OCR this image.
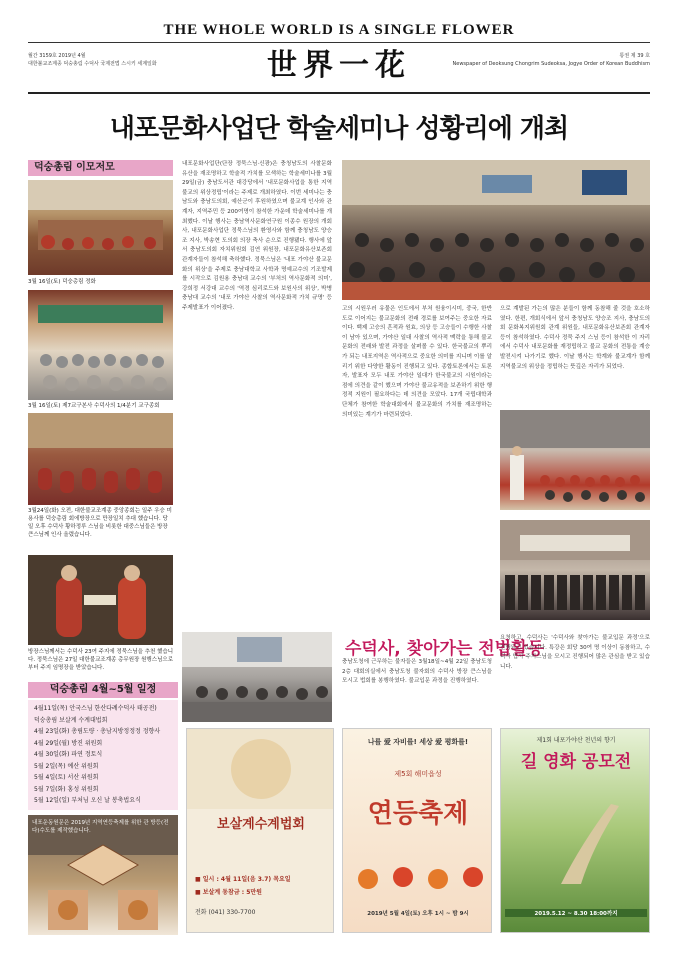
THE WHOLE WORLD IS A SINGLE FLOWER
월간 3159호 2019년 4월
대한불교조계종 덕숭총림 수덕사 국제전법 스시키 세계일화	世界一花	통권 제 39 호
Newspaper of Deoksung Chongrim Sudeoksa, Jogye Order of Korean Buddhism
내포문화사업단 학술세미나 성황리에 개최
덕숭총림 이모저모
3월 16일(토) 덕숭총림 정화
3월 16일(토) 제7교구본사 수덕사의 1/4분기 교구종회
3월24일(화) 오전, 대한불교조계종 중앙종회는 일주 우승 미용사를 덕숭총림 회에방장으로 만장일치 추대 했습니다. 당일 오후 수덕사 황하정루 스님을 비롯한 대중스님들은 방장 큰스님께 인사 올렸습니다.
방장스님께서는 수덕사 23여 주지에 정묵스님을 추천 했습니다. 정묵스님은 27일 대한불교조계종 총무원장 원행스님으로부터 주지 임명장을 받았습니다.
덕숭총림 4월~5월 일정
4월11일(목) 안국스님 한산다례수덕사 태공전)
덕숭총림 보살계 수계대법회
4월 23일(화) 총림도량 · 총남지방정정정 정향사
4월 29일(월) 방진 위원회
4월 30일(화) 파연 정토식
5월 2일(목) 예산 위원회
5월 4일(토) 서산 위원회
5월 7일(화) 홍성 위원회
5월 12일(일) 부처님 오신 날 봉축법요식
내포운동원문은 2019년 지역연등축제를 위한 관 방등(전다)수도를 제작했습니다.
내포문화사업단(단장 정묵스님·신광)은 충청남도의 사찰문화유산을 재조명하고 학술적 가치를 모색하는 학술세미나를 3월 29일(금) 충남도서관 대강당에서 '내포문화사업을 통한 지역불교의 위상정립'이라는 주제로 개최하였다. 이번 세미나는 충남도와 충남도의회, 예산군이 후원하였으며 불교계 인사와 관계자, 지역주민 등 200여명이 참석한 가운데 학술세미나를 개최했다. 이날 행사는 충남역사문화연구원 이종수 원장의 개회사, 내포문화사업단 정묵스님의 환영사와 함께 충청남도 양승조 지사, 박송현 도의회 의장 축사 순으로 진행됐다. 행사에 앞서 충남도의회 자치위원회 김연 위원장, 내포문화유산보존회 관계자들이 참석해 축하했다. 정묵스님은 '내포 가야산 불교문화의 위상'을 주제로 충남대학교 사학과 명예교수의 기조발제를 시작으로 김원용 충남대 교수의 '부처의 역사문화적 의미', 강희정 서강대 교수의 '역경 심리로드와 보원사의 위상', 박병 충남대 교수의 '내포 가야산 사찰의 역사문화적 가치 규명' 등 주제발표가 이어졌다.	고의 시원우러 유물은 인도에서 부처 원융이시미, 중국, 한반도로 이어지는 불교문화의 전래 경로를 보여주는 중요한 자료이다. 백제 고승의 흔적과 원효, 의상 등 고승들이 수행한 사찰이 남아 있으며, 가야산 일대 사찰의 역사적 맥락을 통해 불교문화의 전래와 발전 과정을 살펴볼 수 있다. 한국불교의 뿌리가 되는 내포지역은 역사적으로 중요한 의미를 지니며 이를 알리기 위한 다양한 활동이 진행되고 있다. 종합토론에서는 토론자, 발표자 모두 내포 가야산 일대가 한국불교의 시원이라는 점에 의견을 같이 했으며 가야산 불교유적을 보존하기 위한 행정적 지원이 필요하다는 데 의견을 모았다. 17개 국립대학과 단체가 참여한 학술대회에서 불교문화의 가치를 재조명하는 의미있는 계기가 마련되었다.
으로 계발된 가는의 많은 분들이 함께 동참해 줄 것을 호소하였다. 한편, 개회식에서 앞서 충청남도 양승조 지사, 충남도의회 문화복지위원회 관계 위원들, 내포문화유산보존회 관계자 등이 참석하였다. 수덕사 정묵 주지 스님 등이 참석한 이 자리에서 수덕사 내포문화를 재정립하고 불교 문화의 전통을 계승 발전시켜 나가기로 했다. 이날 행사는 학계와 불교계가 함께 지역불교의 위상을 정립하는 뜻깊은 자리가 되었다.
수덕사, 찾아가는 전법활동
충남도청에 근무하는 불자들은 3월18일~4월 22일 충남도청 2층 대회의실에서 충남도청 불자회의 수덕사 방장 큰스님을 모시고 법회를 봉행하였다. 불교입문 과정을 진행하였다.
요청하고, 수덕사는 '수덕사와 찾아가는 불교입문 과정'으로 진행되고 있습니다. 특강은 회당 30여 명 이상이 동참하고, 수덕사 법사 주지스님을 모시고 진행되어 많은 관심을 받고 있습니다.
보살계수계법회
■ 일시 : 4월 11일(음 3.7) 목요일
■ 보살계 동참금 : 5만원
전화 (041) 330-7700
나를 爱 자비를! 세상 爱 평화를!
제5회 해미읍성
연등축제
2019년 5월 4일(토) 오후 1시 ~ 밤 9시
제1회 내포가야산 천년의 향기
길 영화 공모전
2019.5.12 ~ 8.30 18:00까지
